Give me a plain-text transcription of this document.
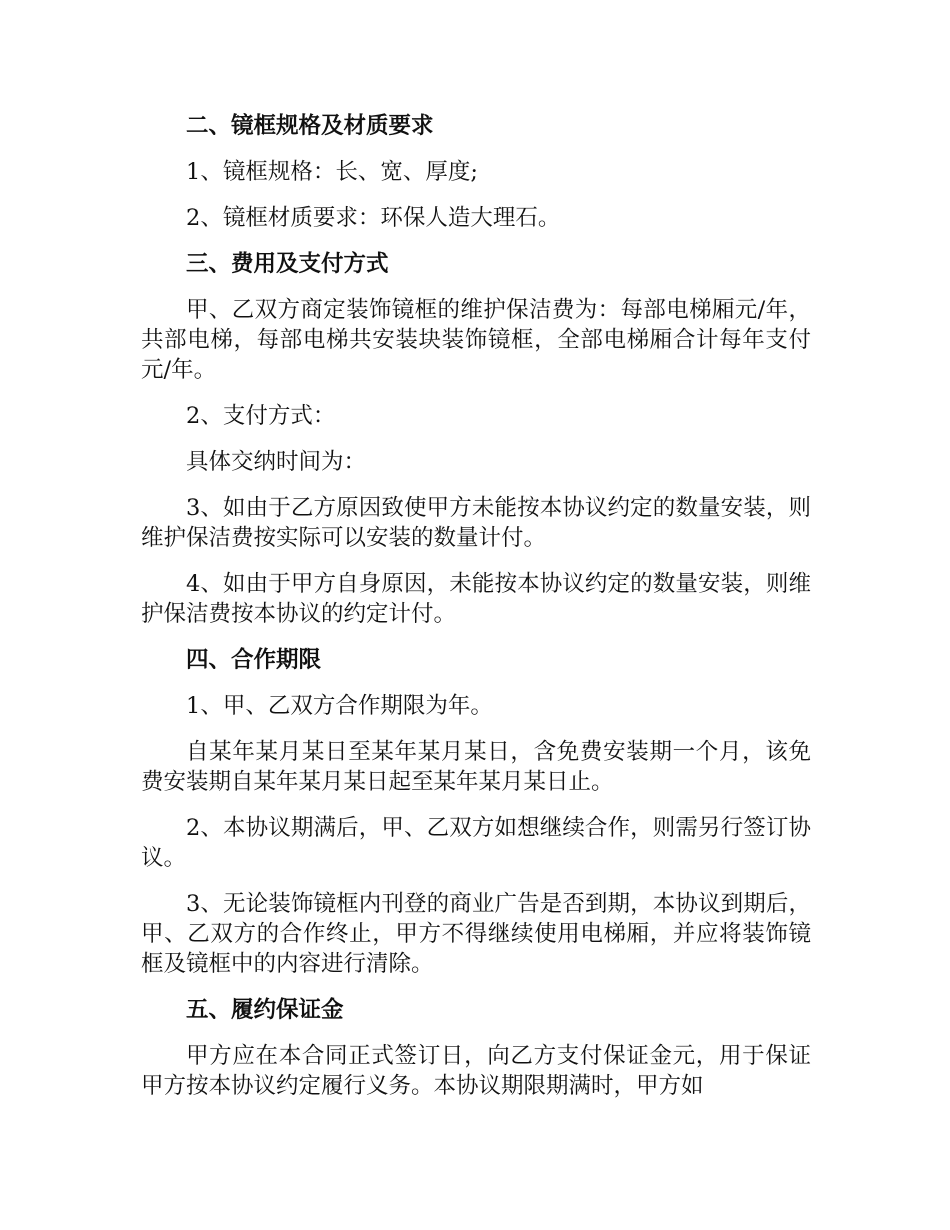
二、镜框规格及材质要求

1、镜框规格：长、宽、厚度;

2、镜框材质要求：环保人造大理石。

三、费用及支付方式

甲、乙双方商定装饰镜框的维护保洁费为：每部电梯厢元/年，共部电梯，每部电梯共安装块装饰镜框，全部电梯厢合计每年支付元/年。

2、支付方式：

具体交纳时间为：

3、如由于乙方原因致使甲方未能按本协议约定的数量安装，则维护保洁费按实际可以安装的数量计付。

4、如由于甲方自身原因，未能按本协议约定的数量安装，则维护保洁费按本协议的约定计付。

四、合作期限

1、甲、乙双方合作期限为年。

自某年某月某日至某年某月某日，含免费安装期一个月，该免费安装期自某年某月某日起至某年某月某日止。

2、本协议期满后，甲、乙双方如想继续合作，则需另行签订协议。

3、无论装饰镜框内刊登的商业广告是否到期，本协议到期后，甲、乙双方的合作终止，甲方不得继续使用电梯厢，并应将装饰镜框及镜框中的内容进行清除。

五、履约保证金

甲方应在本合同正式签订日，向乙方支付保证金元，用于保证甲方按本协议约定履行义务。本协议期限期满时，甲方如
